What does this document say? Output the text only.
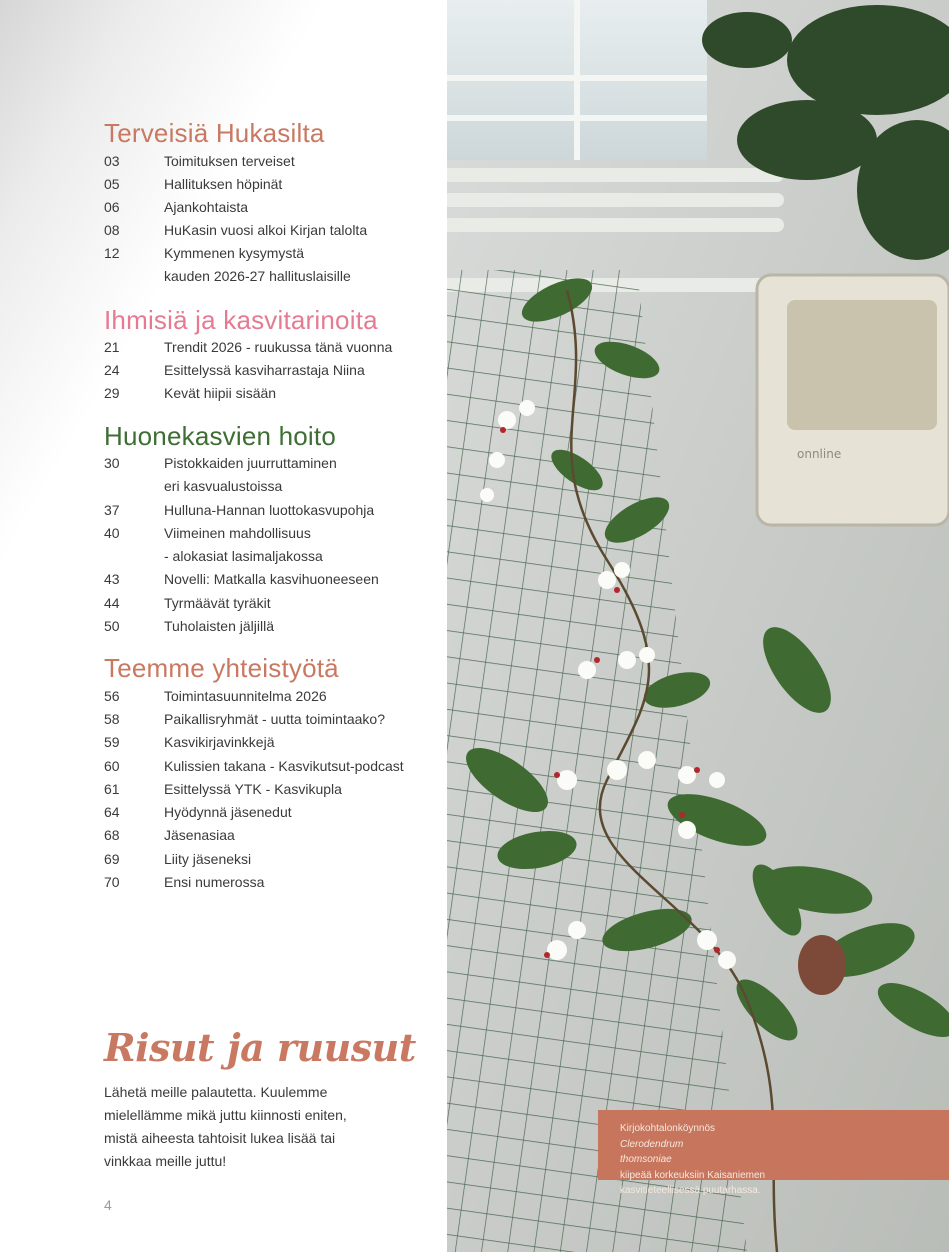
Terveisiä Hukasilta
03	Toimituksen terveiset
05	Hallituksen höpinät
06	Ajankohtaista
08	HuKasin vuosi alkoi Kirjan talolta
12	Kymmenen kysymystä
kauden 2026-27 hallituslaisille
Ihmisiä ja kasvitarinoita
21	Trendit 2026 - ruukussa tänä vuonna
24	Esittelyssä kasviharrastaja Niina
29	Kevät hiipii sisään
Huonekasvien hoito
30	Pistokkaiden juurruttaminen
eri kasvualustoissa
37	Hulluna-Hannan luottokasvupohja
40	Viimeinen mahdollisuus
- alokasiat lasimaljakossa
43	Novelli: Matkalla kasvihuoneeseen
44	Tyrmäävät tyräkit
50	Tuholaisten jäljillä
Teemme yhteistyötä
56	Toimintasuunnitelma 2026
58	Paikallisryhmät - uutta toimintaako?
59	Kasvikirjavinkkejä
60	Kulissien takana - Kasvikutsut-podcast
61	Esittelyssä YTK - Kasvikupla
64	Hyödynnä jäsenedut
68	Jäsenasiaa
69	Liity jäseneksi
70	Ensi numerossa
Risut ja ruusut
Lähetä meille palautetta. Kuulemme
mielellämme mikä juttu kiinnosti eniten,
mistä aiheesta tahtoisit lukea lisää tai
vinkkaa meille juttu!
4
onnline
Kirjokohtalonköynnös
Clerodendrum
thomsoniae
kiipeää korkeuksiin Kaisaniemen
kasvitieteellisessä puutarhassa.
